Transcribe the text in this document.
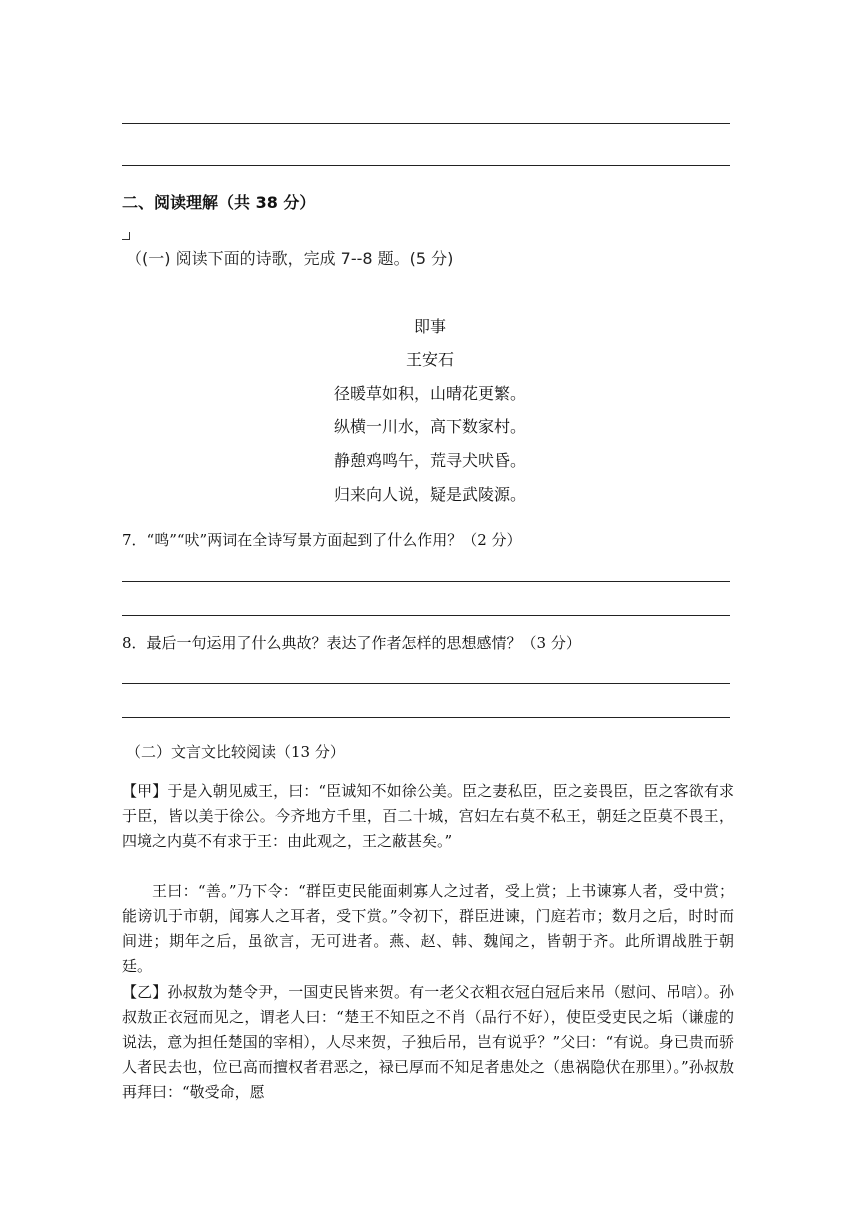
二、阅读理解（共 38 分）
（(一) 阅读下面的诗歌，完成 7--8 题。(5 分)
即事
王安石
径暖草如积，山晴花更繁。
纵横一川水，高下数家村。
静憩鸡鸣午，荒寻犬吠昏。
归来向人说，疑是武陵源。
7．“鸣”“吠”两词在全诗写景方面起到了什么作用？（2 分）
8．最后一句运用了什么典故？表达了作者怎样的思想感情？（3 分）
（二）文言文比较阅读（13 分）

【甲】于是入朝见威王，曰：“臣诚知不如徐公美。臣之妻私臣，臣之妾畏臣，臣之客欲有求于臣，皆以美于徐公。今齐地方千里，百二十城，宫妇左右莫不私王，朝廷之臣莫不畏王，四境之内莫不有求于王：由此观之，王之蔽甚矣。”

王曰：“善。”乃下令：“群臣吏民能面刺寡人之过者，受上赏；上书谏寡人者，受中赏；能谤讥于市朝，闻寡人之耳者，受下赏。”令初下，群臣进谏，门庭若市；数月之后，时时而间进；期年之后，虽欲言，无可进者。燕、赵、韩、魏闻之，皆朝于齐。此所谓战胜于朝廷。

【乙】孙叔敖为楚令尹，一国吏民皆来贺。有一老父衣粗衣冠白冠后来吊（慰问、吊唁）。孙叔敖正衣冠而见之，谓老人曰：“楚王不知臣之不肖（品行不好），使臣受吏民之垢（谦虚的说法，意为担任楚国的宰相），人尽来贺，子独后吊，岂有说乎？”父曰：“有说。身已贵而骄人者民去也，位已高而擅权者君恶之，禄已厚而不知足者患处之（患祸隐伏在那里）。”孙叔敖再拜曰：“敬受命，愿
